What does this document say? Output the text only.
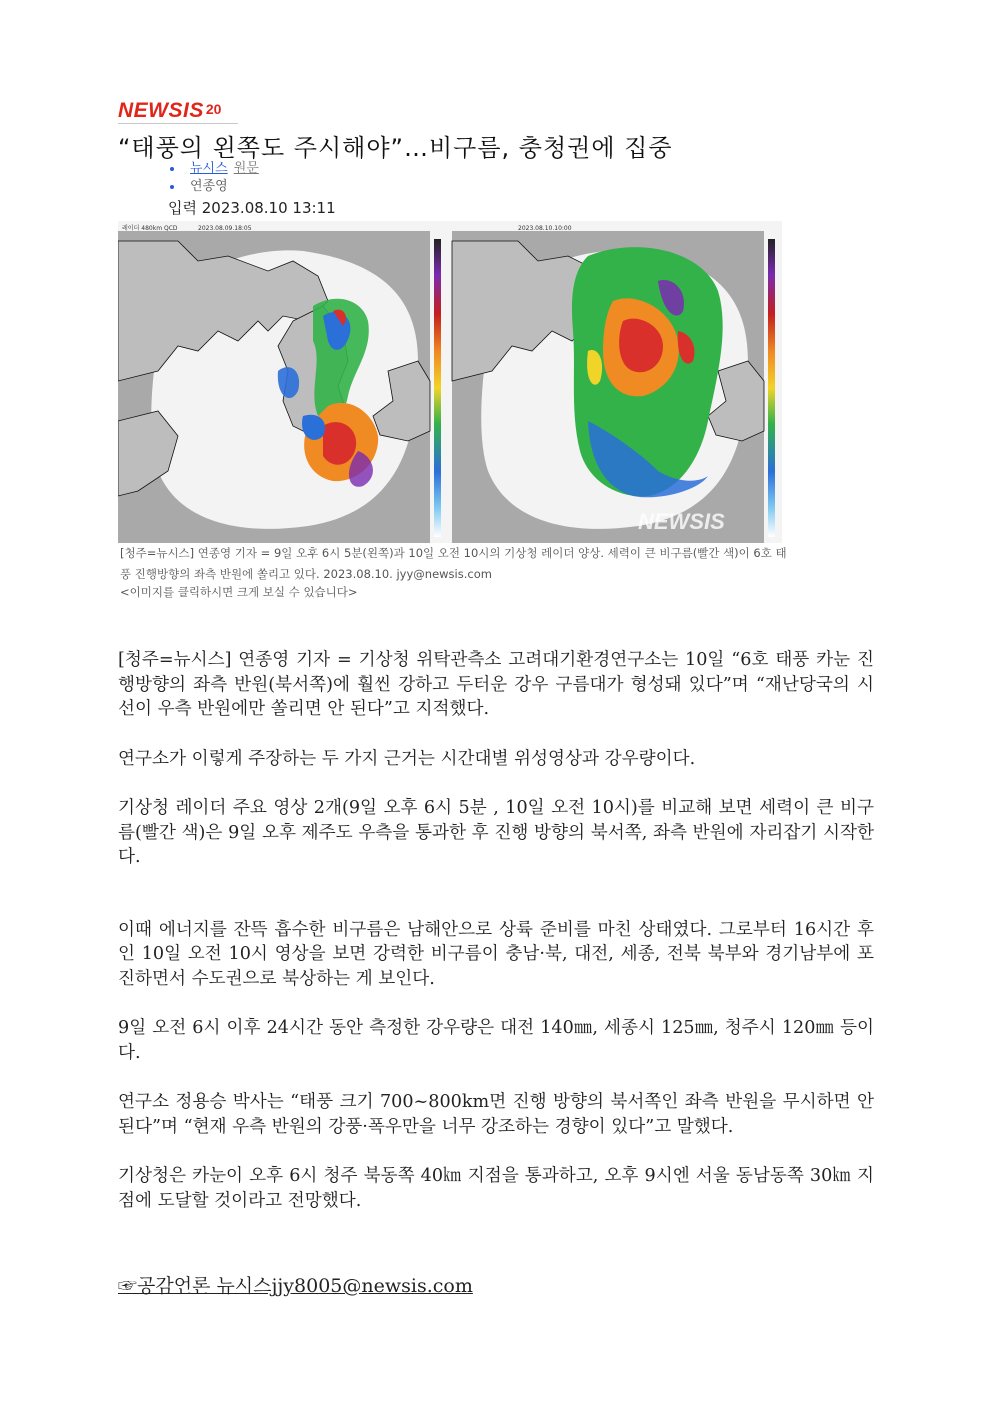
NEWSIS 20
“태풍의 왼쪽도 주시해야”…비구름, 충청권에 집중
뉴시스 원문
연종영
입력 2023.08.10 13:11
레이더 480km QCD	2023.08.09.18:05	2023.08.10.10:00
NEWSIS
[청주=뉴시스] 연종영 기자 = 9일 오후 6시 5분(왼쪽)과 10일 오전 10시의 기상청 레이더 양상. 세력이 큰 비구름(빨간 색)이 6호 태풍 진행방향의 좌측 반원에 쏠리고 있다. 2023.08.10. jyy@newsis.com
<이미지를 클릭하시면 크게 보실 수 있습니다>

[청주=뉴시스] 연종영 기자 = 기상청 위탁관측소 고려대기환경연구소는 10일 “6호 태풍 카눈 진행방향의 좌측 반원(북서쪽)에 훨씬 강하고 두터운 강우 구름대가 형성돼 있다”며 “재난당국의 시선이 우측 반원에만 쏠리면 안 된다”고 지적했다.

연구소가 이렇게 주장하는 두 가지 근거는 시간대별 위성영상과 강우량이다.

기상청 레이더 주요 영상 2개(9일 오후 6시 5분 , 10일 오전 10시)를 비교해 보면 세력이 큰 비구름(빨간 색)은 9일 오후 제주도 우측을 통과한 후 진행 방향의 북서쪽, 좌측 반원에 자리잡기 시작한다.

이때 에너지를 잔뜩 흡수한 비구름은 남해안으로 상륙 준비를 마친 상태였다. 그로부터 16시간 후인 10일 오전 10시 영상을 보면 강력한 비구름이 충남·북, 대전, 세종, 전북 북부와 경기남부에 포진하면서 수도권으로 북상하는 게 보인다.

9일 오전 6시 이후 24시간 동안 측정한 강우량은 대전 140㎜, 세종시 125㎜, 청주시 120㎜ 등이다.

연구소 정용승 박사는 “태풍 크기 700~800km면 진행 방향의 북서쪽인 좌측 반원을 무시하면 안된다”며 “현재 우측 반원의 강풍·폭우만을 너무 강조하는 경향이 있다”고 말했다.

기상청은 카눈이 오후 6시 청주 북동쪽 40㎞ 지점을 통과하고, 오후 9시엔 서울 동남동쪽 30㎞ 지점에 도달할 것이라고 전망했다.

☞공감언론 뉴시스jjy8005@newsis.com
